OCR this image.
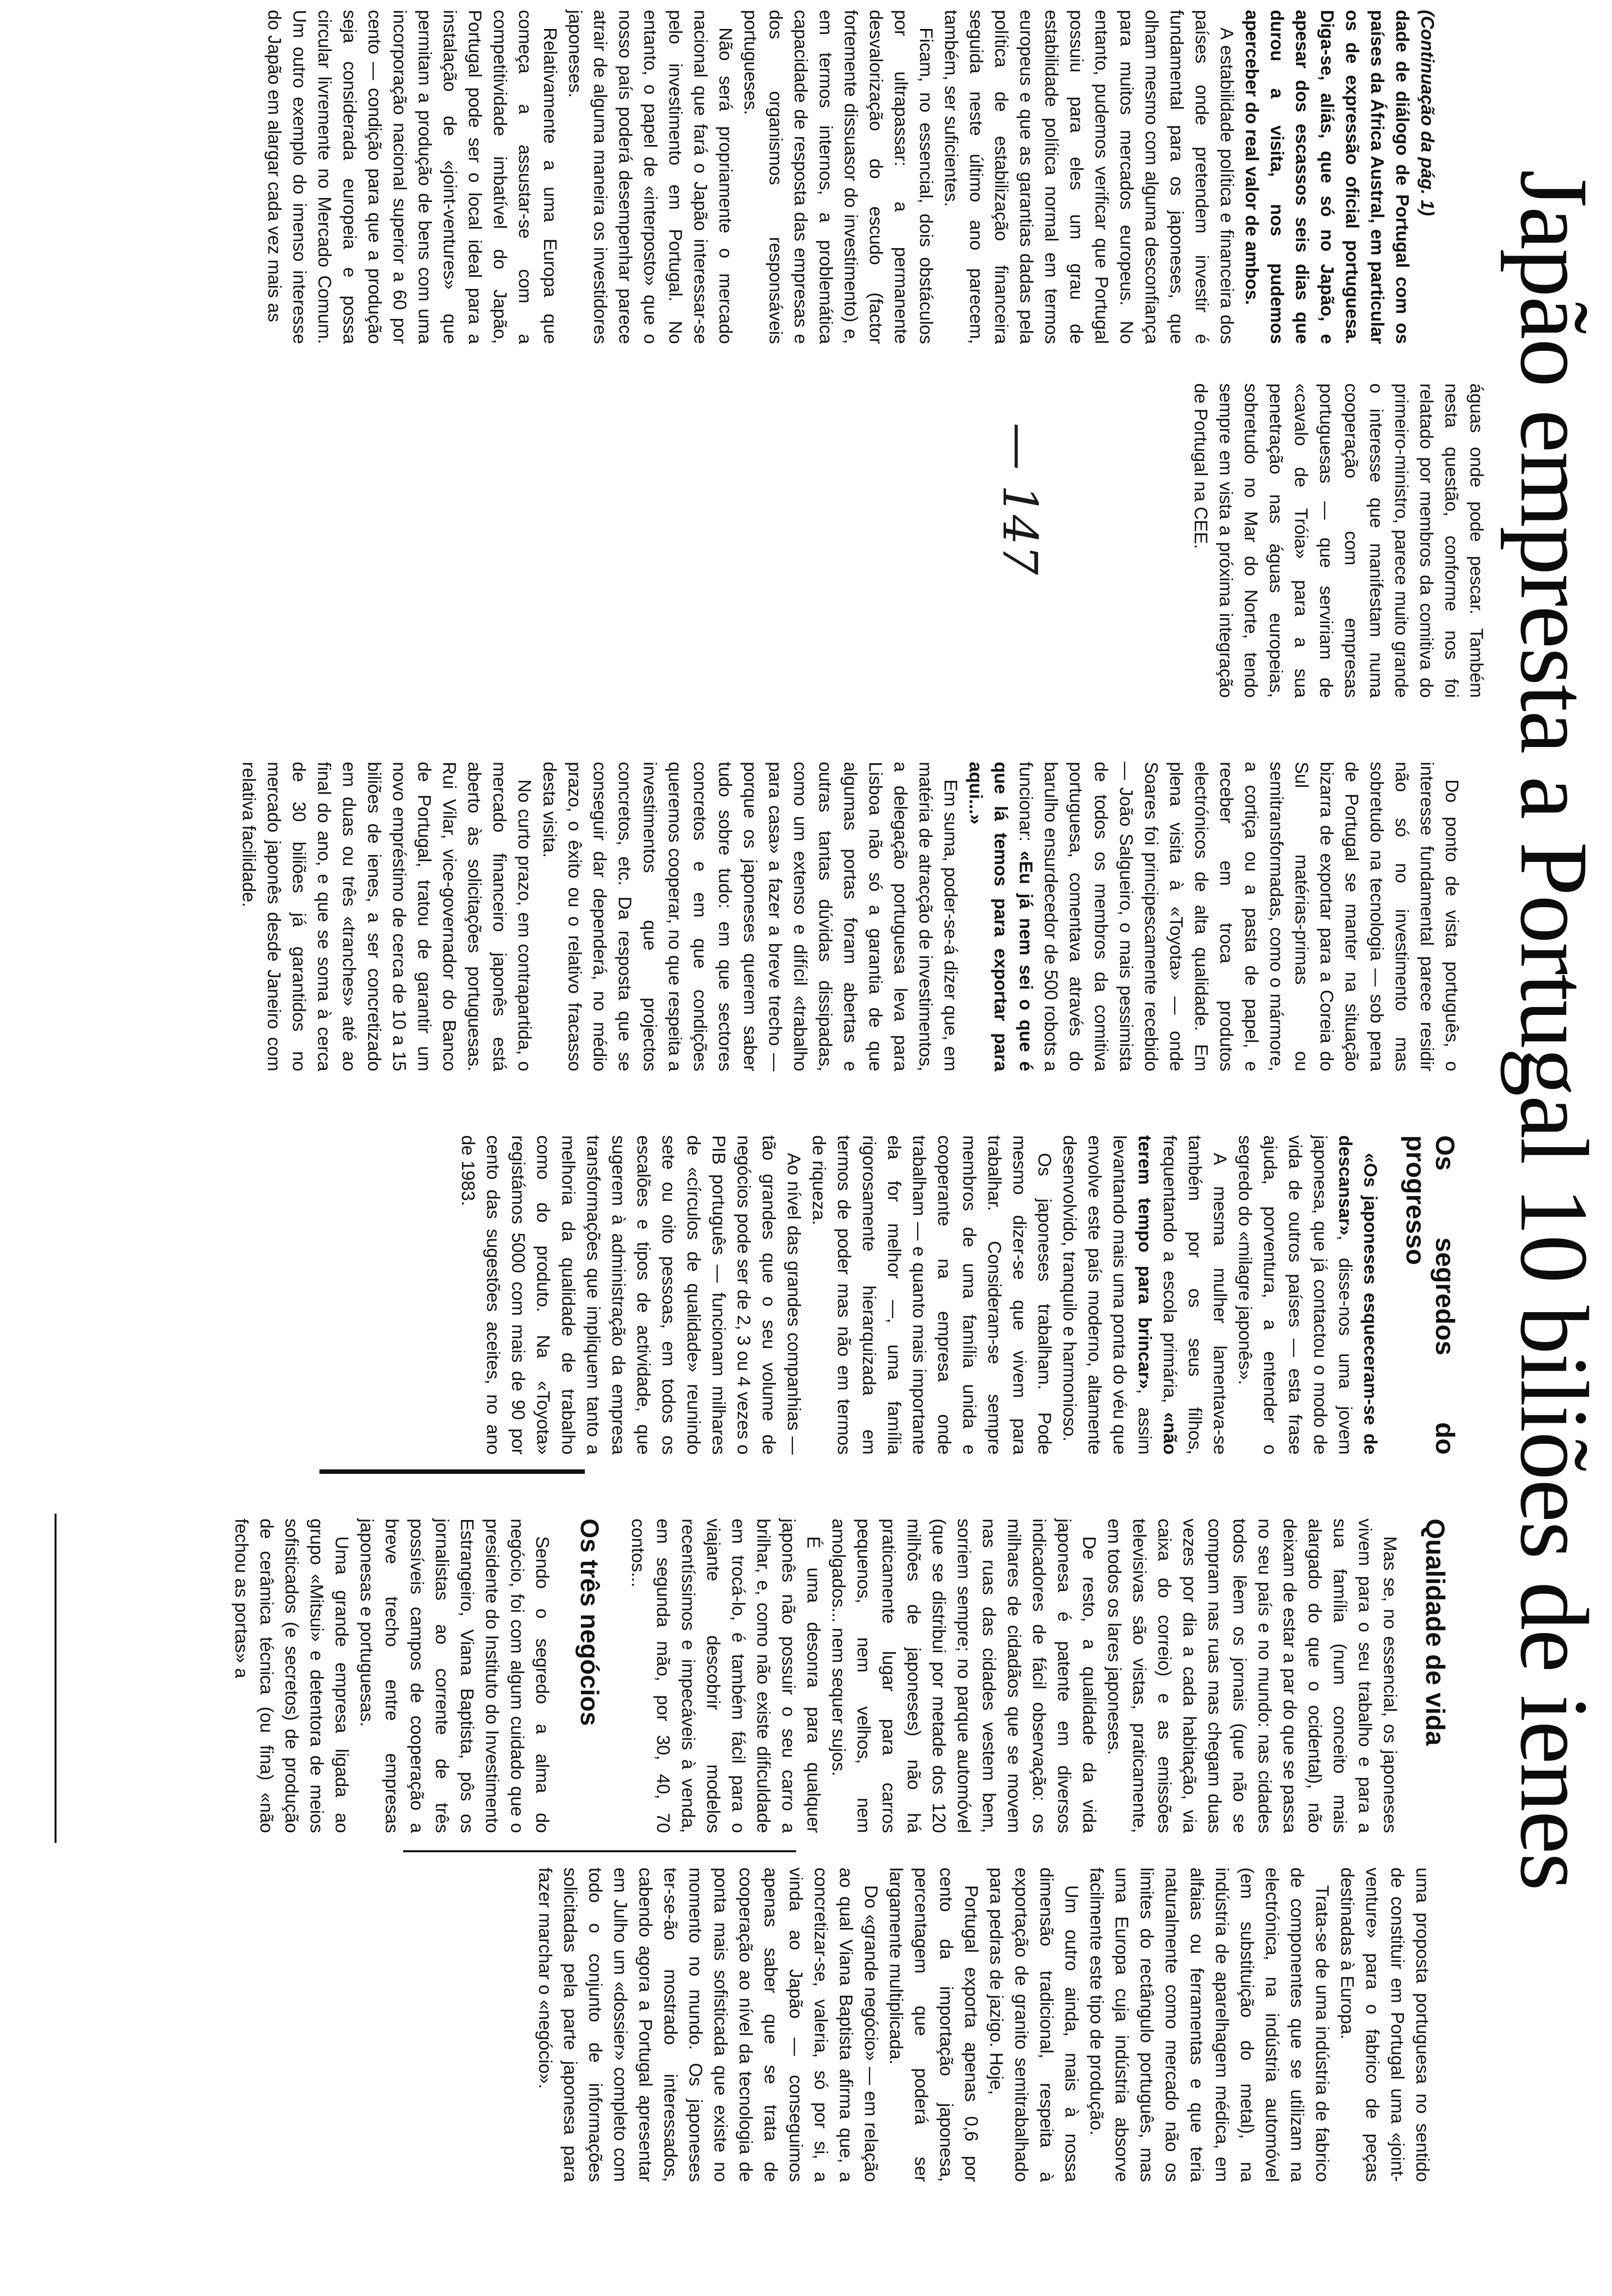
Japão empresta a Portugal 10 biliões de ienes
— 147
(Continuação da pág. 1)

dade de diálogo de Portugal com os países da África Austral, em particular os de expressão oficial portuguesa. Diga-se, aliás, que só no Japão, e apesar dos escassos seis dias que durou a visita, nos pudemos aperceber do real valor de ambos.

A estabilidade política e financeira dos países onde pretendem investir é fundamental para os japoneses, que olham mesmo com alguma desconfiança para muitos mercados europeus. No entanto, pudemos verificar que Portugal possuiu para eles um grau de estabilidade política normal em termos europeus e que as garantias dadas pela política de estabilização financeira seguida neste último ano parecem, também, ser suficientes.

Ficam, no essencial, dois obstáculos por ultrapassar: a permanente desvalorização do escudo (factor fortemente dissuasor do investimento) e, em termos internos, a problemática capacidade de resposta das empresas e dos organismos responsáveis portugueses.

Não será propriamente o mercado nacional que fará o Japão interessar-se pelo investimento em Portugal. No entanto, o papel de «interposto» que o nosso país poderá desempenhar parece atrair de alguma maneira os investidores japoneses.

Relativamente a uma Europa que começa a assustar-se com a competitividade imbatível do Japão, Portugal pode ser o local ideal para a instalação de «joint-ventures» que permitam a produção de bens com uma incorporação nacional superior a 60 por cento — condição para que a produção seja considerada europeia e possa circular livremente no Mercado Comum. Um outro exemplo do imenso interesse do Japão em alargar cada vez mais as

águas onde pode pescar. Também nesta questão, conforme nos foi relatado por membros da comitiva do primeiro-ministro, parece muito grande o interesse que manifestam numa cooperação com empresas portuguesas — que serviriam de «cavalo de Tróia» para a sua penetração nas águas europeias, sobretudo no Mar do Norte, tendo sempre em vista a próxima integração de Portugal na CEE.

Do ponto de vista português, o interesse fundamental parece residir não só no investimento mas sobretudo na tecnologia — sob pena de Portugal se manter na situação bizarra de exportar para a Coreia do Sul matérias-primas ou semitransformadas, como o mármore, a cortiça ou a pasta de papel, e receber em troca produtos electrónicos de alta qualidade. Em plena visita à «Toyota» — onde Soares foi principescamente recebido — João Salgueiro, o mais pessimista de todos os membros da comitiva portuguesa, comentava através do barulho ensurdecedor de 500 robots a funcionar: «Eu já nem sei o que é que lá temos para exportar para aqui...»

Em suma, poder-se-á dizer que, em matéria de atracção de investimentos, a delegação portuguesa leva para Lisboa não só a garantia de que algumas portas foram abertas e outras tantas dúvidas dissipadas, como um extenso e difícil «trabalho para casa» a fazer a breve trecho — porque os japoneses querem saber tudo sobre tudo: em que sectores concretos e em que condições queremos cooperar, no que respeita a investimentos que projectos concretos, etc. Da resposta que se conseguir dar dependerá, no médio prazo, o êxito ou o relativo fracasso desta visita.

No curto prazo, em contrapartida, o mercado financeiro japonês está aberto às solicitações portuguesas. Rui Vilar, vice-governador do Banco de Portugal, tratou de garantir um novo empréstimo de cerca de 10 a 15 biliões de ienes, a ser concretizado em duas ou três «tranches» até ao final do ano, e que se soma à cerca de 30 biliões já garantidos no mercado japonês desde Janeiro com relativa facilidade.

Os segredos do progresso

«Os japoneses esqueceram-se de descansar», disse-nos uma jovem japonesa, que já contactou o modo de vida de outros países — esta frase ajuda, porventura, a entender o segredo do «milagre japonês».

A mesma mulher lamentava-se também por os seus filhos, frequentando a escola primária, «não terem tempo para brincar», assim levantando mais uma ponta do véu que envolve este país moderno, altamente desenvolvido, tranquilo e harmonioso.

Os japoneses trabalham. Pode mesmo dizer-se que vivem para trabalhar. Consideram-se sempre membros de uma família unida e cooperante na empresa onde trabalham — e quanto mais importante ela for melhor —, uma família rigorosamente hierarquizada em termos de poder mas não em termos de riqueza.

Ao nível das grandes companhias — tão grandes que o seu volume de negócios pode ser de 2, 3 ou 4 vezes o PIB português — funcionam milhares de «círculos de qualidade» reunindo sete ou oito pessoas, em todos os escalões e tipos de actividade, que sugerem à administração da empresa transformações que impliquem tanto a melhoria da qualidade de trabalho como do produto. Na «Toyota» registámos 5000 com mais de 90 por cento das sugestões aceites, no ano de 1983.

Qualidade de vida

Mas se, no essencial, os japoneses vivem para o seu trabalho e para a sua família (num conceito mais alargado do que o ocidental), não deixam de estar a par do que se passa no seu país e no mundo: nas cidades todos lêem os jornais (que não se compram nas ruas mas chegam duas vezes por dia a cada habitação, via caixa do correio) e as emissões televisivas são vistas, praticamente, em todos os lares japoneses.

De resto, a qualidade da vida japonesa é patente em diversos indicadores de fácil observação: os milhares de cidadãos que se movem nas ruas das cidades vestem bem, sorriem sempre; no parque automóvel (que se distribui por metade dos 120 milhões de japoneses) não há praticamente lugar para carros pequenos, nem velhos, nem amolgados... nem sequer sujos.

É uma desonra para qualquer japonês não possuir o seu carro a brilhar, e, como não existe dificuldade em trocá-lo, é também fácil para o viajante descobrir modelos recentíssimos e impecáveis à venda, em segunda mão, por 30, 40, 70 contos...

Os três negócios

Sendo o segredo a alma do negócio, foi com algum cuidado que o presidente do Instituto do Investimento Estrangeiro, Viana Baptista, pôs os jornalistas ao corrente de três possíveis campos de cooperação a breve trecho entre empresas japonesas e portuguesas.

Uma grande empresa ligada ao grupo «Mitsui» e detentora de meios sofisticados (e secretos) de produção de cerâmica técnica (ou fina) «não fechou as portas» a

uma proposta portuguesa no sentido de constituir em Portugal uma «joint-venture» para o fabrico de peças destinadas à Europa.

Trata-se de uma indústria de fabrico de componentes que se utilizam na electrónica, na indústria automóvel (em substituição do metal), na indústria de aparelhagem médica, em alfaias ou ferramentas e que teria naturalmente como mercado não os limites do rectângulo português, mas uma Europa cuja indústria absorve facilmente este tipo de produção.

Um outro ainda, mais à nossa dimensão tradicional, respeita à exportação de granito semitrabalhado para pedras de jazigo. Hoje,

Portugal exporta apenas 0,6 por cento da importação japonesa, percentagem que poderá ser largamente multiplicada.

Do «grande negócio» — em relação ao qual Viana Baptista afirma que, a concretizar-se, valeria, só por si, a vinda ao Japão — conseguimos apenas saber que se trata de cooperação ao nível da tecnologia de ponta mais sofisticada que existe no momento no mundo. Os japoneses ter-se-ão mostrado interessados, cabendo agora a Portugal apresentar em Julho um «dossier» completo com todo o conjunto de informações solicitadas pela parte japonesa para fazer marchar o «negócio».
